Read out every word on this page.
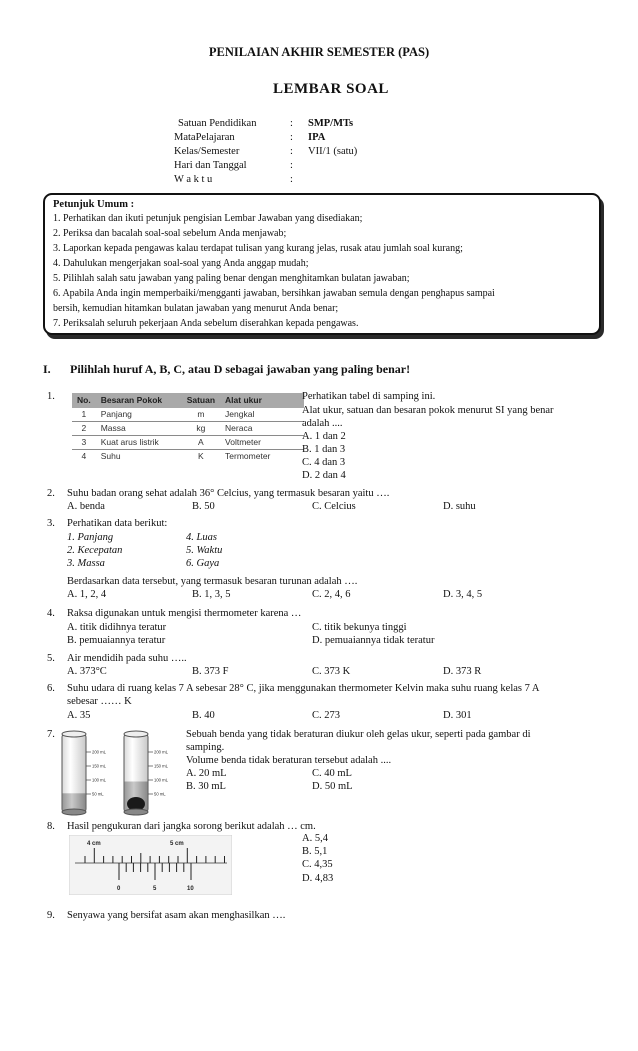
PENILAIAN AKHIR SEMESTER (PAS)
LEMBAR SOAL
Satuan Pendidikan	: SMP/MTs
MataPelajaran	: IPA
Kelas/Semester	: VII/1 (satu)
Hari dan Tanggal	:
W a k t u	:
Petunjuk Umum :
1. Perhatikan dan ikuti petunjuk pengisian Lembar Jawaban yang disediakan;
2. Periksa dan bacalah soal-soal sebelum Anda menjawab;
3. Laporkan kepada pengawas kalau terdapat tulisan yang kurang jelas, rusak atau jumlah soal kurang;
4. Dahulukan mengerjakan soal-soal yang Anda anggap mudah;
5. Pilihlah salah satu jawaban yang paling benar dengan menghitamkan bulatan jawaban;
6. Apabila Anda ingin memperbaiki/mengganti jawaban, bersihkan jawaban semula dengan penghapus sampai
bersih, kemudian hitamkan bulatan jawaban yang menurut Anda benar;
7. Periksalah seluruh pekerjaan Anda sebelum diserahkan kepada pengawas.
I. Pilihlah huruf A, B, C, atau D sebagai jawaban yang paling benar!
1.	No.	Besaran Pokok	Satuan	Alat ukur
1	Panjang	m	Jengkal
2	Massa	kg	Neraca
3	Kuat arus listrik	A	Voltmeter
4	Suhu	K	Termometer
Perhatikan tabel di samping ini.
Alat ukur, satuan dan besaran pokok menurut SI yang benar
adalah ....
A. 1 dan 2
B. 1 dan 3
C. 4 dan 3
D. 2 dan 4
2. Suhu badan orang sehat adalah 36° Celcius, yang termasuk besaran yaitu ….
A. benda	B. 50	C. Celcius	D. suhu
3. Perhatikan data berikut:
1. Panjang	4. Luas
2. Kecepatan	5. Waktu
3. Massa	6. Gaya
Berdasarkan data tersebut, yang termasuk besaran turunan adalah ….
A. 1, 2, 4	B. 1, 3, 5	C. 2, 4, 6	D. 3, 4, 5
4. Raksa digunakan untuk mengisi thermometer karena …
A. titik didihnya teratur	C. titik bekunya tinggi
B. pemuaiannya teratur	D. pemuaiannya tidak teratur
5. Air mendidih pada suhu …..
A. 373°C	B. 373 F	C. 373 K	D. 373 R
6. Suhu udara di ruang kelas 7 A sebesar 28° C, jika menggunakan thermometer Kelvin maka suhu ruang kelas 7 A
sebesar …… K
A. 35	B. 40	C. 273	D. 301
7.
200 mL
150 mL
100 mL
50 mL
200 mL
150 mL
100 mL
50 mL
Sebuah benda yang tidak beraturan diukur oleh gelas ukur, seperti pada gambar di
samping.
Volume benda tidak beraturan tersebut adalah ....
A. 20 mL	C. 40 mL
B. 30 mL	D. 50 mL
8. Hasil pengukuran dari jangka sorong berikut adalah … cm.
4 cm	5 cm
0	5	10
A. 5,4
B. 5,1
C. 4,35
D. 4,83
9. Senyawa yang bersifat asam akan menghasilkan ….
